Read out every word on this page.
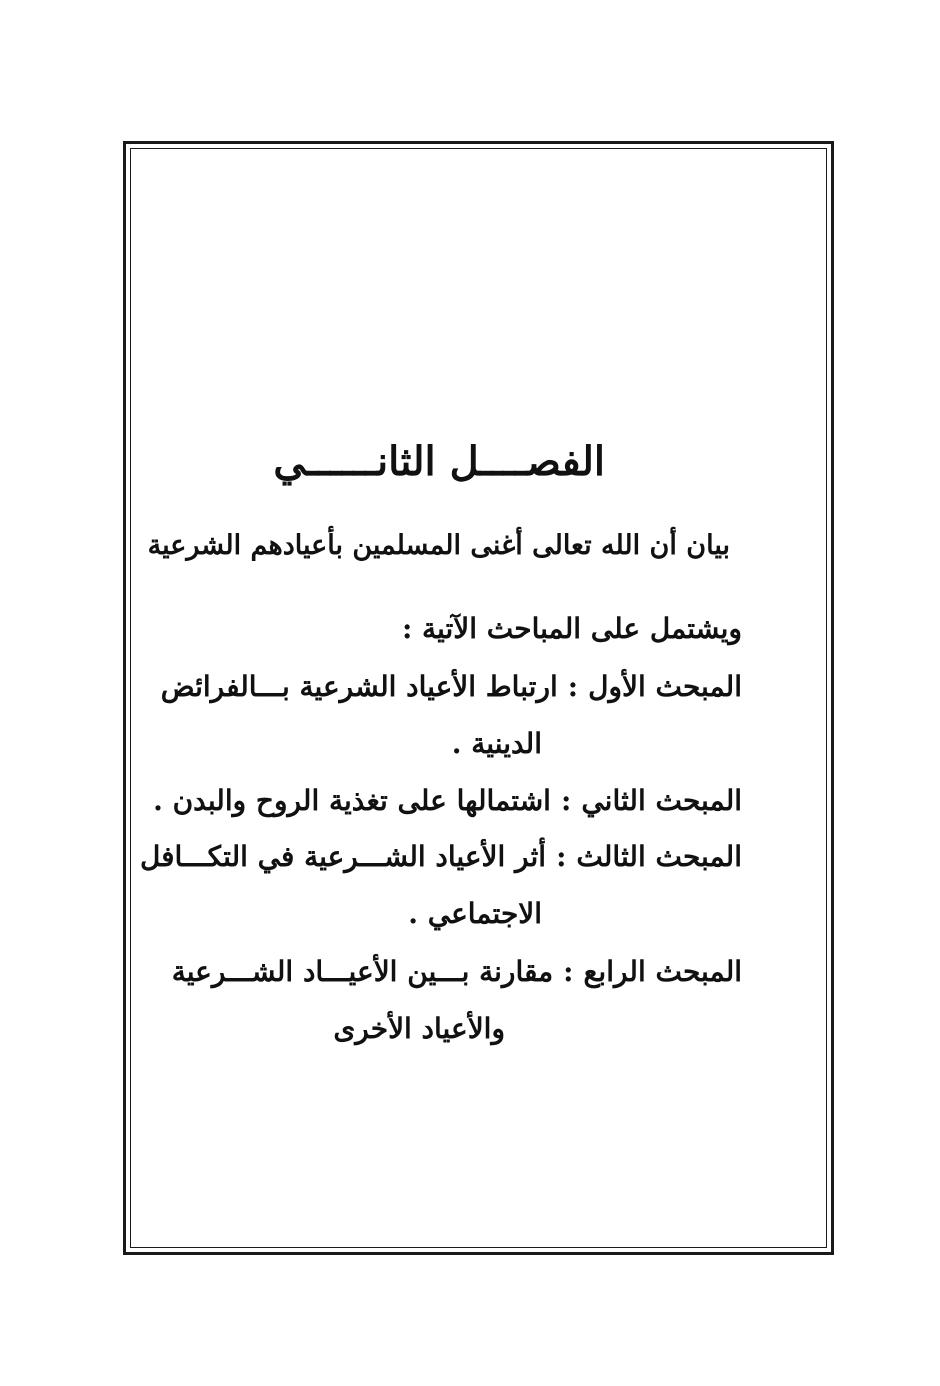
الفصــــل الثانــــــي
بيان أن الله تعالى أغنى المسلمين بأعيادهم الشرعية
ويشتمل على المباحث الآتية :
المبحث الأول:ارتباط الأعياد الشرعية بـــالفرائض
الدينية .
المبحث الثاني:اشتمالها على تغذية الروح والبدن .
المبحث الثالث:أثر الأعياد الشـــرعية في التكـــافل
الاجتماعي .
المبحث الرابع:مقارنة بـــين الأعيـــاد الشـــرعية
والأعياد الأخرى
